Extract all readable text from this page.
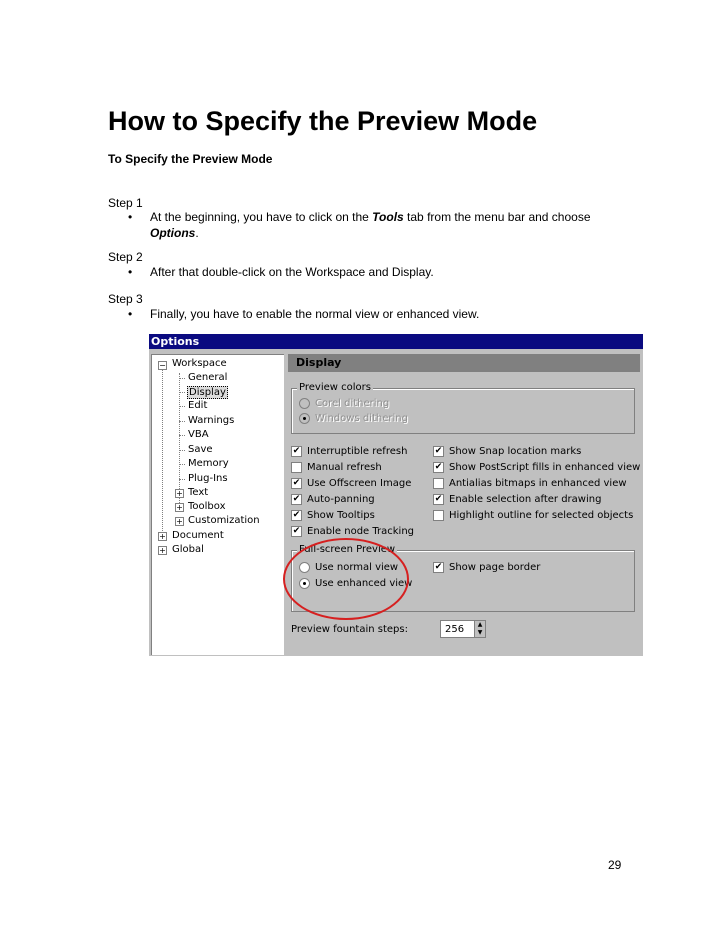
How to Specify the Preview Mode
To Specify the Preview Mode
Step 1
• At the beginning, you have to click on the Tools tab from the menu bar and choose
Options.
Step 2
• After that double-click on the Workspace and Display.
Step 3
• Finally, you have to enable the normal view or enhanced view.
Options
− Workspace
General
Display
Edit
Warnings
VBA
Save
Memory
Plug-Ins
+ Text
+ Toolbox
+ Customization
+ Document
+ Global
Display
Preview colors
Corel dithering
Windows dithering
✔ Interruptible refresh
Manual refresh
✔ Use Offscreen Image
✔ Auto-panning
✔ Show Tooltips
✔ Enable node Tracking
✔ Show Snap location marks
✔ Show PostScript fills in enhanced view
Antialias bitmaps in enhanced view
✔ Enable selection after drawing
Highlight outline for selected objects
Full-screen Preview
Use normal view
Use enhanced view
✔ Show page border
Preview fountain steps:	256	▲
▼
29
